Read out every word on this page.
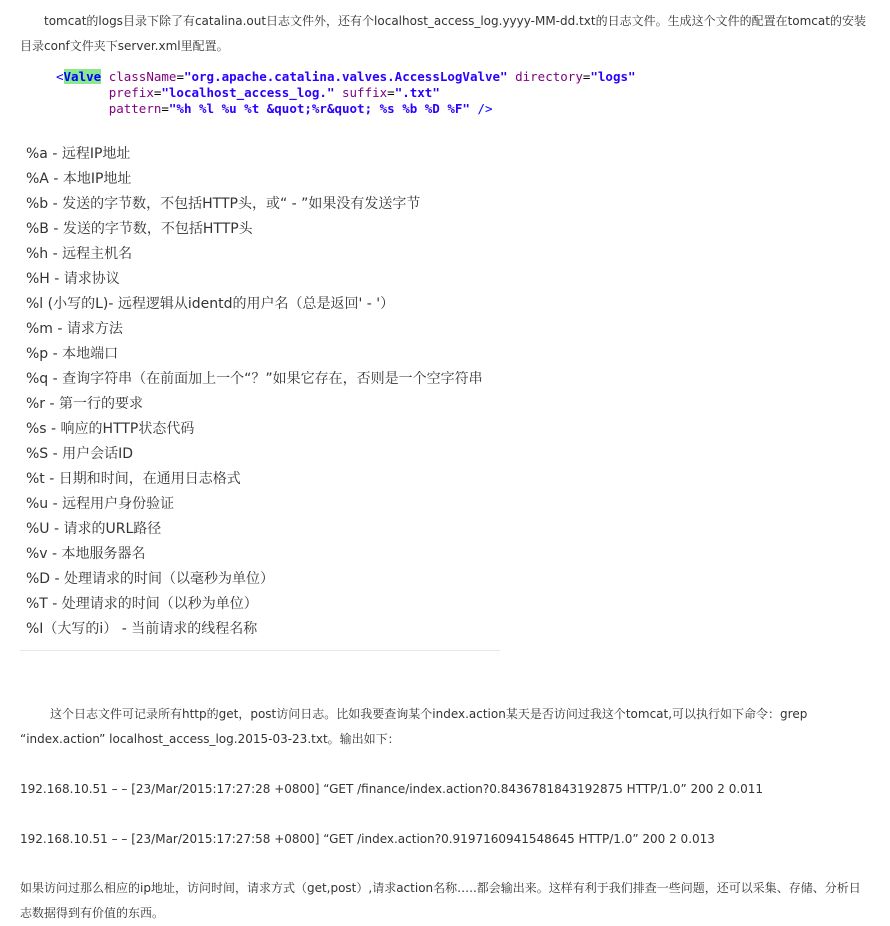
tomcat的logs目录下除了有catalina.out日志文件外，还有个localhost_access_log.yyyy-MM-dd.txt的日志文件。生成这个文件的配置在tomcat的安装目录conf文件夹下server.xml里配置。

<Valve className="org.apache.catalina.valves.AccessLogValve" directory="logs"
prefix="localhost_access_log." suffix=".txt"
pattern="%h %l %u %t &quot;%r&quot; %s %b %D %F" />
%a - 远程IP地址
%A - 本地IP地址
%b - 发送的字节数，不包括HTTP头，或“ - ”如果没有发送字节
%B - 发送的字节数，不包括HTTP头
%h - 远程主机名
%H - 请求协议
%l (小写的L)- 远程逻辑从identd的用户名（总是返回' - '）
%m - 请求方法
%p - 本地端口
%q - 查询字符串（在前面加上一个“？”如果它存在，否则是一个空字符串
%r - 第一行的要求
%s - 响应的HTTP状态代码
%S - 用户会话ID
%t - 日期和时间，在通用日志格式
%u - 远程用户身份验证
%U - 请求的URL路径
%v - 本地服务器名
%D - 处理请求的时间（以毫秒为单位）
%T - 处理请求的时间（以秒为单位）
%I（大写的i） - 当前请求的线程名称

这个日志文件可记录所有http的get，post访问日志。比如我要查询某个index.action某天是否访问过我这个tomcat,可以执行如下命令：grep “index.action” localhost_access_log.2015-03-23.txt。输出如下：

192.168.10.51 – – [23/Mar/2015:17:27:28 +0800] “GET /finance/index.action?0.8436781843192875 HTTP/1.0” 200 2 0.011

192.168.10.51 – – [23/Mar/2015:17:27:58 +0800] “GET /index.action?0.9197160941548645 HTTP/1.0” 200 2 0.013

如果访问过那么相应的ip地址，访问时间，请求方式（get,post）,请求action名称…..都会输出来。这样有利于我们排查一些问题，还可以采集、存储、分析日志数据得到有价值的东西。
